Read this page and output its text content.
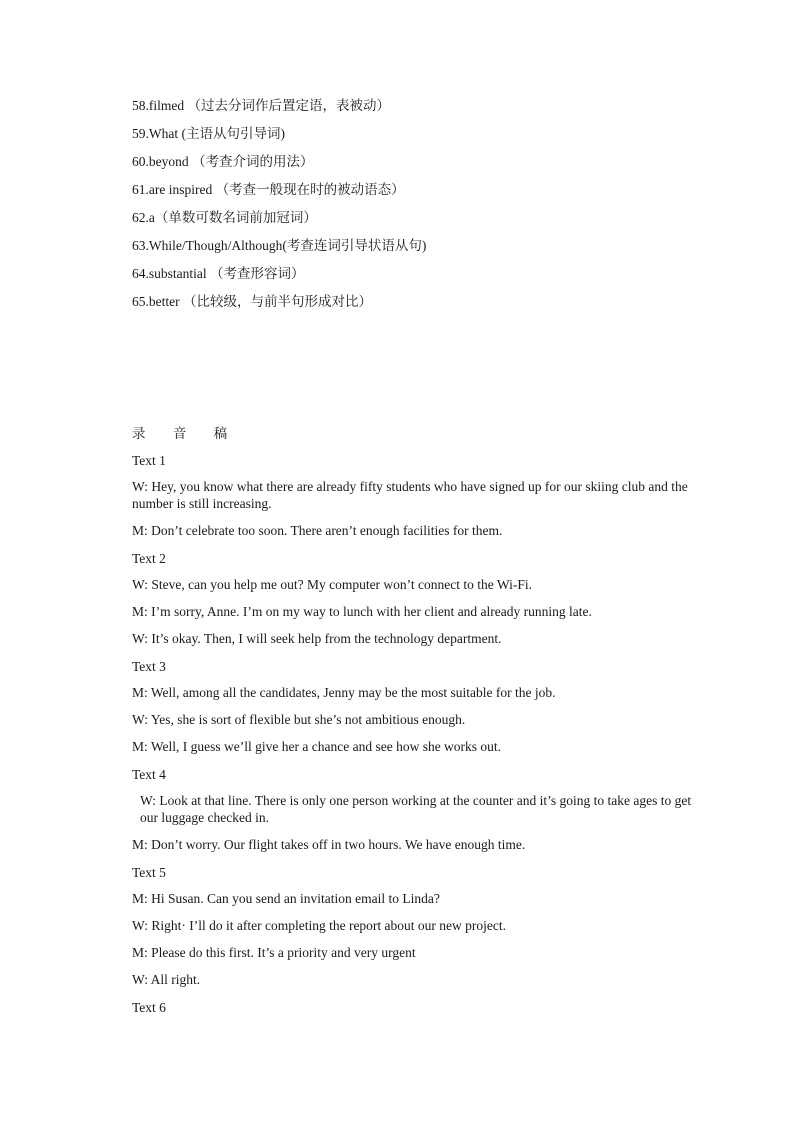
58.filmed （过去分词作后置定语，表被动）
59.What (主语从句引导词)
60.beyond （考查介词的用法）
61.are inspired （考查一般现在时的被动语态）
62.a（单数可数名词前加冠词）
63.While/Though/Although(考查连词引导状语从句)
64.substantial （考查形容词）
65.better （比较级，与前半句形成对比）
录 音 稿
Text 1
W: Hey, you know what there are already fifty students who have signed up for our skiing club and the number is still increasing.
M: Don’t celebrate too soon. There aren’t enough facilities for them.
Text 2
W: Steve, can you help me out? My computer won’t connect to the Wi-Fi.
M: I’m sorry, Anne. I’m on my way to lunch with her client and already running late.
W: It’s okay. Then, I will seek help from the technology department.
Text 3
M: Well, among all the candidates, Jenny may be the most suitable for the job.
W: Yes, she is sort of flexible but she’s not ambitious enough.
M: Well, I guess we’ll give her a chance and see how she works out.
Text 4
W: Look at that line. There is only one person working at the counter and it’s going to take ages to get our luggage checked in.
M: Don’t worry. Our flight takes off in two hours. We have enough time.
Text 5
M: Hi Susan. Can you send an invitation email to Linda?
W: Right· I’ll do it after completing the report about our new project.
M: Please do this first. It’s a priority and very urgent
W: All right.
Text 6
